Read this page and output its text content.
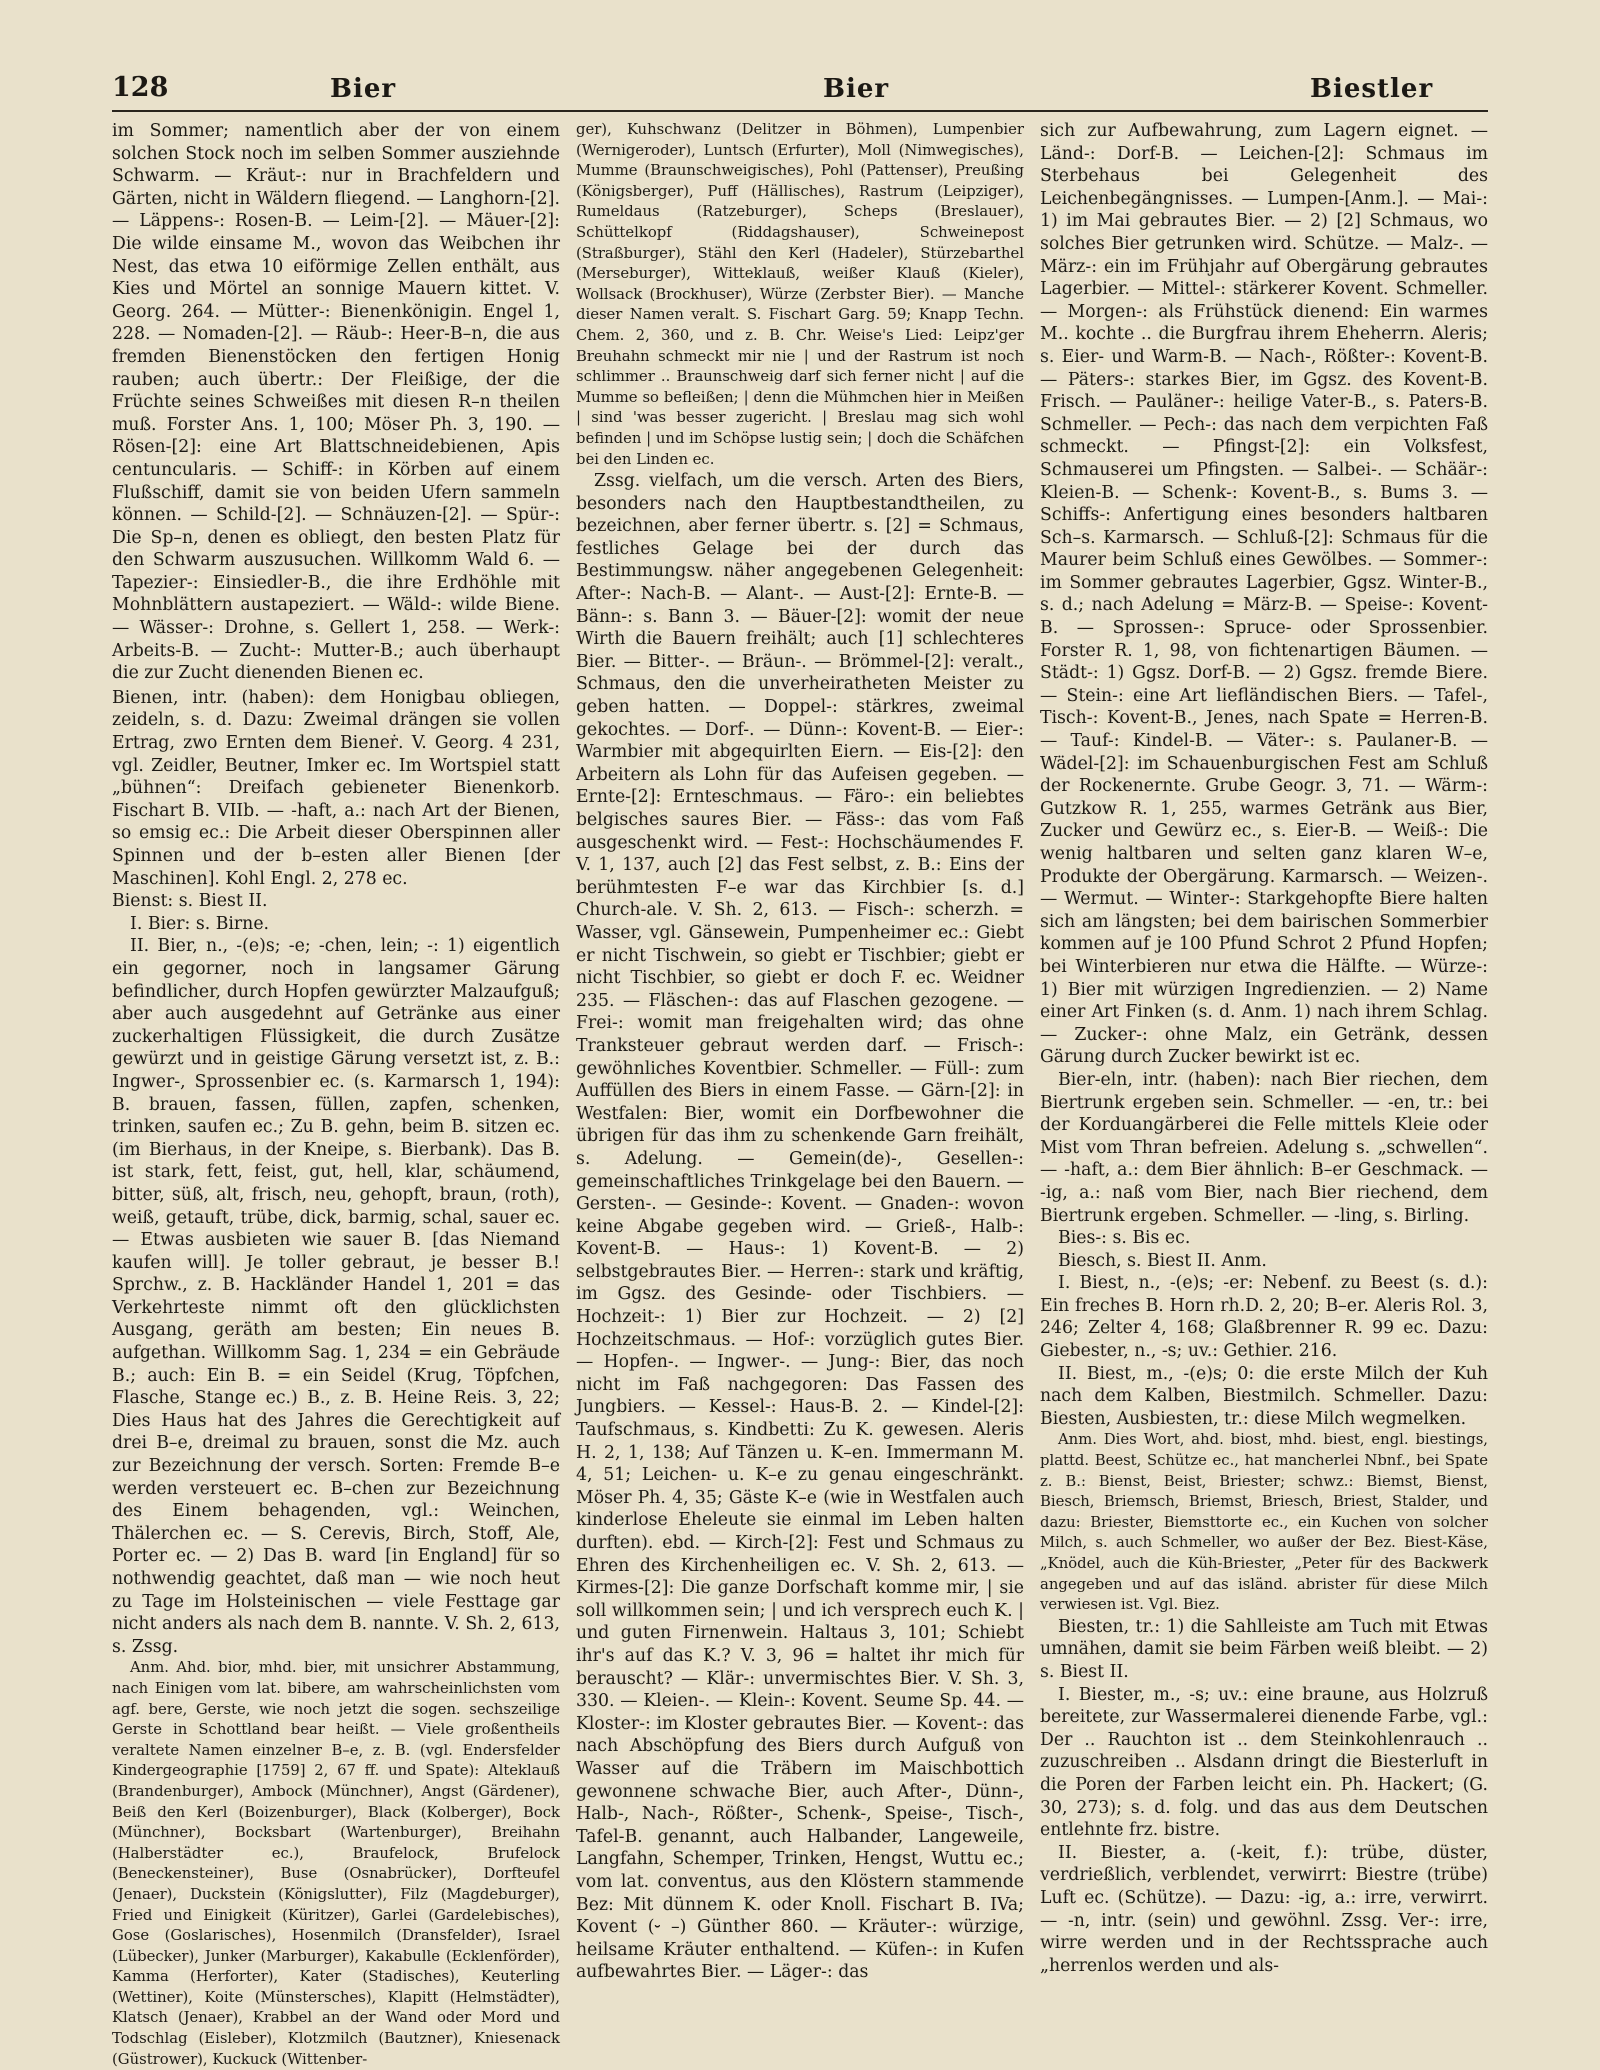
128	Bier	Bier	Biestler

im Sommer; namentlich aber der von einem solchen Stock noch im selben Sommer ausziehnde Schwarm. — Kräut-: nur in Brachfeldern und Gärten, nicht in Wäldern fliegend. — Langhorn-[2]. — Läppens-: Rosen-B. — Leim-[2]. — Mäuer-[2]: Die wilde einsame M., wovon das Weibchen ihr Nest, das etwa 10 eiförmige Zellen enthält, aus Kies und Mörtel an sonnige Mauern kittet. V. Georg. 264. — Mütter-: Bienenkönigin. Engel 1, 228. — Nomaden-[2]. — Räub-: Heer-B–n, die aus fremden Bienenstöcken den fertigen Honig rauben; auch übertr.: Der Fleißige, der die Früchte seines Schweißes mit diesen R–n theilen muß. Forster Ans. 1, 100; Möser Ph. 3, 190. — Rösen-[2]: eine Art Blattschneidebienen, Apis centuncularis. — Schiff-: in Körben auf einem Flußschiff, damit sie von beiden Ufern sammeln können. — Schild-[2]. — Schnäuzen-[2]. — Spür-: Die Sp–n, denen es obliegt, den besten Platz für den Schwarm auszusuchen. Willkomm Wald 6. — Tapezier-: Einsiedler-B., die ihre Erdhöhle mit Mohnblättern austapeziert. — Wäld-: wilde Biene. — Wässer-: Drohne, s. Gellert 1, 258. — Werk-: Arbeits-B. — Zucht-: Mutter-B.; auch überhaupt die zur Zucht dienenden Bienen ec.

Bienen, intr. (haben): dem Honigbau obliegen, zeideln, s. d. Dazu: Zweimal drängen sie vollen Ertrag, zwo Ernten dem Bieneṙ. V. Georg. 4 231, vgl. Zeidler, Beutner, Imker ec. Im Wortspiel statt „bühnen“: Dreifach gebieneter Bienenkorb. Fischart B. VIIb. — -haft, a.: nach Art der Bienen, so emsig ec.: Die Arbeit dieser Oberspinnen aller Spinnen und der b–esten aller Bienen [der Maschinen]. Kohl Engl. 2, 278 ec.

Bienst: s. Biest II.

I. Bier: s. Birne.

II. Bier, n., -(e)s; -e; -chen, lein; -: 1) eigentlich ein gegorner, noch in langsamer Gärung befindlicher, durch Hopfen gewürzter Malzaufguß; aber auch ausgedehnt auf Getränke aus einer zuckerhaltigen Flüssigkeit, die durch Zusätze gewürzt und in geistige Gärung versetzt ist, z. B.: Ingwer-, Sprossenbier ec. (s. Karmarsch 1, 194): B. brauen, fassen, füllen, zapfen, schenken, trinken, saufen ec.; Zu B. gehn, beim B. sitzen ec. (im Bierhaus, in der Kneipe, s. Bierbank). Das B. ist stark, fett, feist, gut, hell, klar, schäumend, bitter, süß, alt, frisch, neu, gehopft, braun, (roth), weiß, getauft, trübe, dick, barmig, schal, sauer ec. — Etwas ausbieten wie sauer B. [das Niemand kaufen will]. Je toller gebraut, je besser B.! Sprchw., z. B. Hackländer Handel 1, 201 = das Verkehrteste nimmt oft den glücklichsten Ausgang, geräth am besten; Ein neues B. aufgethan. Willkomm Sag. 1, 234 = ein Gebräude B.; auch: Ein B. = ein Seidel (Krug, Töpfchen, Flasche, Stange ec.) B., z. B. Heine Reis. 3, 22; Dies Haus hat des Jahres die Gerechtigkeit auf drei B–e, dreimal zu brauen, sonst die Mz. auch zur Bezeichnung der versch. Sorten: Fremde B–e werden versteuert ec. B–chen zur Bezeichnung des Einem behagenden, vgl.: Weinchen, Thälerchen ec. — S. Cerevis, Birch, Stoff, Ale, Porter ec. — 2) Das B. ward [in England] für so nothwendig geachtet, daß man — wie noch heut zu Tage im Holsteinischen — viele Festtage gar nicht anders als nach dem B. nannte. V. Sh. 2, 613, s. Zssg.

Anm. Ahd. bior, mhd. bier, mit unsichrer Abstammung, nach Einigen vom lat. bibere, am wahrscheinlichsten vom agf. bere, Gerste, wie noch jetzt die sogen. sechszeilige Gerste in Schottland bear heißt. — Viele großentheils veraltete Namen einzelner B–e, z. B. (vgl. Endersfelder Kindergeographie [1759] 2, 67 ff. und Spate): Alteklauß (Brandenburger), Ambock (Münchner), Angst (Gärdener), Beiß den Kerl (Boizenburger), Black (Kolberger), Bock (Münchner), Bocksbart (Wartenburger), Breihahn (Halberstädter ec.), Braufelock, Brufelock (Beneckensteiner), Buse (Osnabrücker), Dorfteufel (Jenaer), Duckstein (Königslutter), Filz (Magdeburger), Fried und Einigkeit (Küritzer), Garlei (Gardelebisches), Gose (Goslarisches), Hosenmilch (Dransfelder), Israel (Lübecker), Junker (Marburger), Kakabulle (Ecklenförder), Kamma (Herforter), Kater (Stadisches), Keuterling (Wettiner), Koite (Münstersches), Klapitt (Helmstädter), Klatsch (Jenaer), Krabbel an der Wand oder Mord und Todschlag (Eisleber), Klotzmilch (Bautzner), Kniesenack (Güstrower), Kuckuck (Wittenber-

ger), Kuhschwanz (Delitzer in Böhmen), Lumpenbier (Wernigeroder), Luntsch (Erfurter), Moll (Nimwegisches), Mumme (Braunschweigisches), Pohl (Pattenser), Preußing (Königsberger), Puff (Hällisches), Rastrum (Leipziger), Rumeldaus (Ratzeburger), Scheps (Breslauer), Schüttelkopf (Riddagshauser), Schweinepost (Straßburger), Stähl den Kerl (Hadeler), Stürzebarthel (Merseburger), Witteklauß, weißer Klauß (Kieler), Wollsack (Brockhuser), Würze (Zerbster Bier). — Manche dieser Namen veralt. S. Fischart Garg. 59; Knapp Techn. Chem. 2, 360, und z. B. Chr. Weise's Lied: Leipz'ger Breuhahn schmeckt mir nie | und der Rastrum ist noch schlimmer .. Braunschweig darf sich ferner nicht | auf die Mumme so befleißen; | denn die Mühmchen hier in Meißen | sind 'was besser zugericht. | Breslau mag sich wohl befinden | und im Schöpse lustig sein; | doch die Schäfchen bei den Linden ec.

Zssg. vielfach, um die versch. Arten des Biers, besonders nach den Hauptbestandtheilen, zu bezeichnen, aber ferner übertr. s. [2] = Schmaus, festliches Gelage bei der durch das Bestimmungsw. näher angegebenen Gelegenheit: After-: Nach-B. — Alant-. — Aust-[2]: Ernte-B. — Bänn-: s. Bann 3. — Bäuer-[2]: womit der neue Wirth die Bauern freihält; auch [1] schlechteres Bier. — Bitter-. — Bräun-. — Brömmel-[2]: veralt., Schmaus, den die unverheiratheten Meister zu geben hatten. — Doppel-: stärkres, zweimal gekochtes. — Dorf-. — Dünn-: Kovent-B. — Eier-: Warmbier mit abgequirlten Eiern. — Eis-[2]: den Arbeitern als Lohn für das Aufeisen gegeben. — Ernte-[2]: Ernteschmaus. — Färo-: ein beliebtes belgisches saures Bier. — Fäss-: das vom Faß ausgeschenkt wird. — Fest-: Hochschäumendes F. V. 1, 137, auch [2] das Fest selbst, z. B.: Eins der berühmtesten F–e war das Kirchbier [s. d.] Church-ale. V. Sh. 2, 613. — Fisch-: scherzh. = Wasser, vgl. Gänsewein, Pumpenheimer ec.: Giebt er nicht Tischwein, so giebt er Tischbier; giebt er nicht Tischbier, so giebt er doch F. ec. Weidner 235. — Fläschen-: das auf Flaschen gezogene. — Frei-: womit man freigehalten wird; das ohne Tranksteuer gebraut werden darf. — Frisch-: gewöhnliches Koventbier. Schmeller. — Füll-: zum Auffüllen des Biers in einem Fasse. — Gärn-[2]: in Westfalen: Bier, womit ein Dorfbewohner die übrigen für das ihm zu schenkende Garn freihält, s. Adelung. — Gemein(de)-, Gesellen-: gemeinschaftliches Trinkgelage bei den Bauern. — Gersten-. — Gesinde-: Kovent. — Gnaden-: wovon keine Abgabe gegeben wird. — Grieß-, Halb-: Kovent-B. — Haus-: 1) Kovent-B. — 2) selbstgebrautes Bier. — Herren-: stark und kräftig, im Ggsz. des Gesinde- oder Tischbiers. — Hochzeit-: 1) Bier zur Hochzeit. — 2) [2] Hochzeitschmaus. — Hof-: vorzüglich gutes Bier. — Hopfen-. — Ingwer-. — Jung-: Bier, das noch nicht im Faß nachgegoren: Das Fassen des Jungbiers. — Kessel-: Haus-B. 2. — Kindel-[2]: Taufschmaus, s. Kindbetti: Zu K. gewesen. Aleris H. 2, 1, 138; Auf Tänzen u. K–en. Immermann M. 4, 51; Leichen- u. K–e zu genau eingeschränkt. Möser Ph. 4, 35; Gäste K–e (wie in Westfalen auch kinderlose Eheleute sie einmal im Leben halten durften). ebd. — Kirch-[2]: Fest und Schmaus zu Ehren des Kirchenheiligen ec. V. Sh. 2, 613. — Kirmes-[2]: Die ganze Dorfschaft komme mir, | sie soll willkommen sein; | und ich versprech euch K. | und guten Firnenwein. Haltaus 3, 101; Schiebt ihr's auf das K.? V. 3, 96 = haltet ihr mich für berauscht? — Klär-: unvermischtes Bier. V. Sh. 3, 330. — Kleien-. — Klein-: Kovent. Seume Sp. 44. — Kloster-: im Kloster gebrautes Bier. — Kovent-: das nach Abschöpfung des Biers durch Aufguß von Wasser auf die Träbern im Maischbottich gewonnene schwache Bier, auch After-, Dünn-, Halb-, Nach-, Rößter-, Schenk-, Speise-, Tisch-, Tafel-B. genannt, auch Halbander, Langeweile, Langfahn, Schemper, Trinken, Hengst, Wuttu ec.; vom lat. conventus, aus den Klöstern stammende Bez: Mit dünnem K. oder Knoll. Fischart B. IVa; Kovent (⏑ –) Günther 860. — Kräuter-: würzige, heilsame Kräuter enthaltend. — Küfen-: in Kufen aufbewahrtes Bier. — Läger-: das

sich zur Aufbewahrung, zum Lagern eignet. — Länd-: Dorf-B. — Leichen-[2]: Schmaus im Sterbehaus bei Gelegenheit des Leichenbegängnisses. — Lumpen-[Anm.]. — Mai-: 1) im Mai gebrautes Bier. — 2) [2] Schmaus, wo solches Bier getrunken wird. Schütze. — Malz-. — März-: ein im Frühjahr auf Obergärung gebrautes Lagerbier. — Mittel-: stärkerer Kovent. Schmeller. — Morgen-: als Frühstück dienend: Ein warmes M.. kochte .. die Burgfrau ihrem Eheherrn. Aleris; s. Eier- und Warm-B. — Nach-, Rößter-: Kovent-B. — Päters-: starkes Bier, im Ggsz. des Kovent-B. Frisch. — Pauläner-: heilige Vater-B., s. Paters-B. Schmeller. — Pech-: das nach dem verpichten Faß schmeckt. — Pfingst-[2]: ein Volksfest, Schmauserei um Pfingsten. — Salbei-. — Schäär-: Kleien-B. — Schenk-: Kovent-B., s. Bums 3. — Schiffs-: Anfertigung eines besonders haltbaren Sch–s. Karmarsch. — Schluß-[2]: Schmaus für die Maurer beim Schluß eines Gewölbes. — Sommer-: im Sommer gebrautes Lagerbier, Ggsz. Winter-B., s. d.; nach Adelung = März-B. — Speise-: Kovent-B. — Sprossen-: Spruce- oder Sprossenbier. Forster R. 1, 98, von fichtenartigen Bäumen. — Städt-: 1) Ggsz. Dorf-B. — 2) Ggsz. fremde Biere. — Stein-: eine Art liefländischen Biers. — Tafel-, Tisch-: Kovent-B., Jenes, nach Spate = Herren-B. — Tauf-: Kindel-B. — Väter-: s. Paulaner-B. — Wädel-[2]: im Schauenburgischen Fest am Schluß der Rockenernte. Grube Geogr. 3, 71. — Wärm-: Gutzkow R. 1, 255, warmes Getränk aus Bier, Zucker und Gewürz ec., s. Eier-B. — Weiß-: Die wenig haltbaren und selten ganz klaren W–e, Produkte der Obergärung. Karmarsch. — Weizen-. — Wermut. — Winter-: Starkgehopfte Biere halten sich am längsten; bei dem bairischen Sommerbier kommen auf je 100 Pfund Schrot 2 Pfund Hopfen; bei Winterbieren nur etwa die Hälfte. — Würze-: 1) Bier mit würzigen Ingredienzien. — 2) Name einer Art Finken (s. d. Anm. 1) nach ihrem Schlag. — Zucker-: ohne Malz, ein Getränk, dessen Gärung durch Zucker bewirkt ist ec.

Bier-eln, intr. (haben): nach Bier riechen, dem Biertrunk ergeben sein. Schmeller. — -en, tr.: bei der Korduangärberei die Felle mittels Kleie oder Mist vom Thran befreien. Adelung s. „schwellen“. — -haft, a.: dem Bier ähnlich: B–er Geschmack. — -ig, a.: naß vom Bier, nach Bier riechend, dem Biertrunk ergeben. Schmeller. — -ling, s. Birling.

Bies-: s. Bis ec.

Biesch, s. Biest II. Anm.

I. Biest, n., -(e)s; -er: Nebenf. zu Beest (s. d.): Ein freches B. Horn rh.D. 2, 20; B–er. Aleris Rol. 3, 246; Zelter 4, 168; Glaßbrenner R. 99 ec. Dazu: Giebester, n., -s; uv.: Gethier. 216.

II. Biest, m., -(e)s; 0: die erste Milch der Kuh nach dem Kalben, Biestmilch. Schmeller. Dazu: Biesten, Ausbiesten, tr.: diese Milch wegmelken.

Anm. Dies Wort, ahd. biost, mhd. biest, engl. biestings, plattd. Beest, Schütze ec., hat mancherlei Nbnf., bei Spate z. B.: Bienst, Beist, Briester; schwz.: Biemst, Bienst, Biesch, Briemsch, Briemst, Briesch, Briest, Stalder, und dazu: Briester, Biemsttorte ec., ein Kuchen von solcher Milch, s. auch Schmeller, wo außer der Bez. Biest-Käse, „Knödel, auch die Küh-Briester, „Peter für des Backwerk angegeben und auf das isländ. abrister für diese Milch verwiesen ist. Vgl. Biez.

Biesten, tr.: 1) die Sahlleiste am Tuch mit Etwas umnähen, damit sie beim Färben weiß bleibt. — 2) s. Biest II.

I. Biester, m., -s; uv.: eine braune, aus Holzruß bereitete, zur Wassermalerei dienende Farbe, vgl.: Der .. Rauchton ist .. dem Steinkohlenrauch .. zuzuschreiben .. Alsdann dringt die Biesterluft in die Poren der Farben leicht ein. Ph. Hackert; (G. 30, 273); s. d. folg. und das aus dem Deutschen entlehnte frz. bistre.

II. Biester, a. (-keit, f.): trübe, düster, verdrießlich, verblendet, verwirrt: Biestre (trübe) Luft ec. (Schütze). — Dazu: -ig, a.: irre, verwirrt. — -n, intr. (sein) und gewöhnl. Zssg. Ver-: irre, wirre werden und in der Rechtssprache auch „herrenlos werden und als-
